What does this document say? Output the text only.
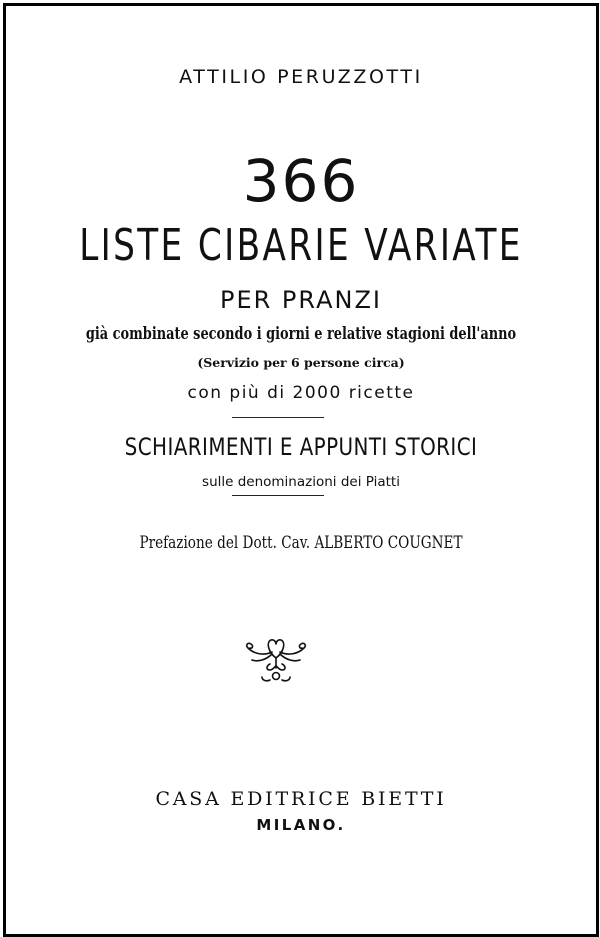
ATTILIO PERUZZOTTI
366
LISTE CIBARIE VARIATE
PER PRANZI
già combinate secondo i giorni e relative stagioni dell'anno
(Servizio per 6 persone circa)
con più di 2000 ricette
SCHIARIMENTI E APPUNTI STORICI
sulle denominazioni dei Piatti
Prefazione del Dott. Cav. ALBERTO COUGNET
CASA EDITRICE BIETTI
MILANO.
